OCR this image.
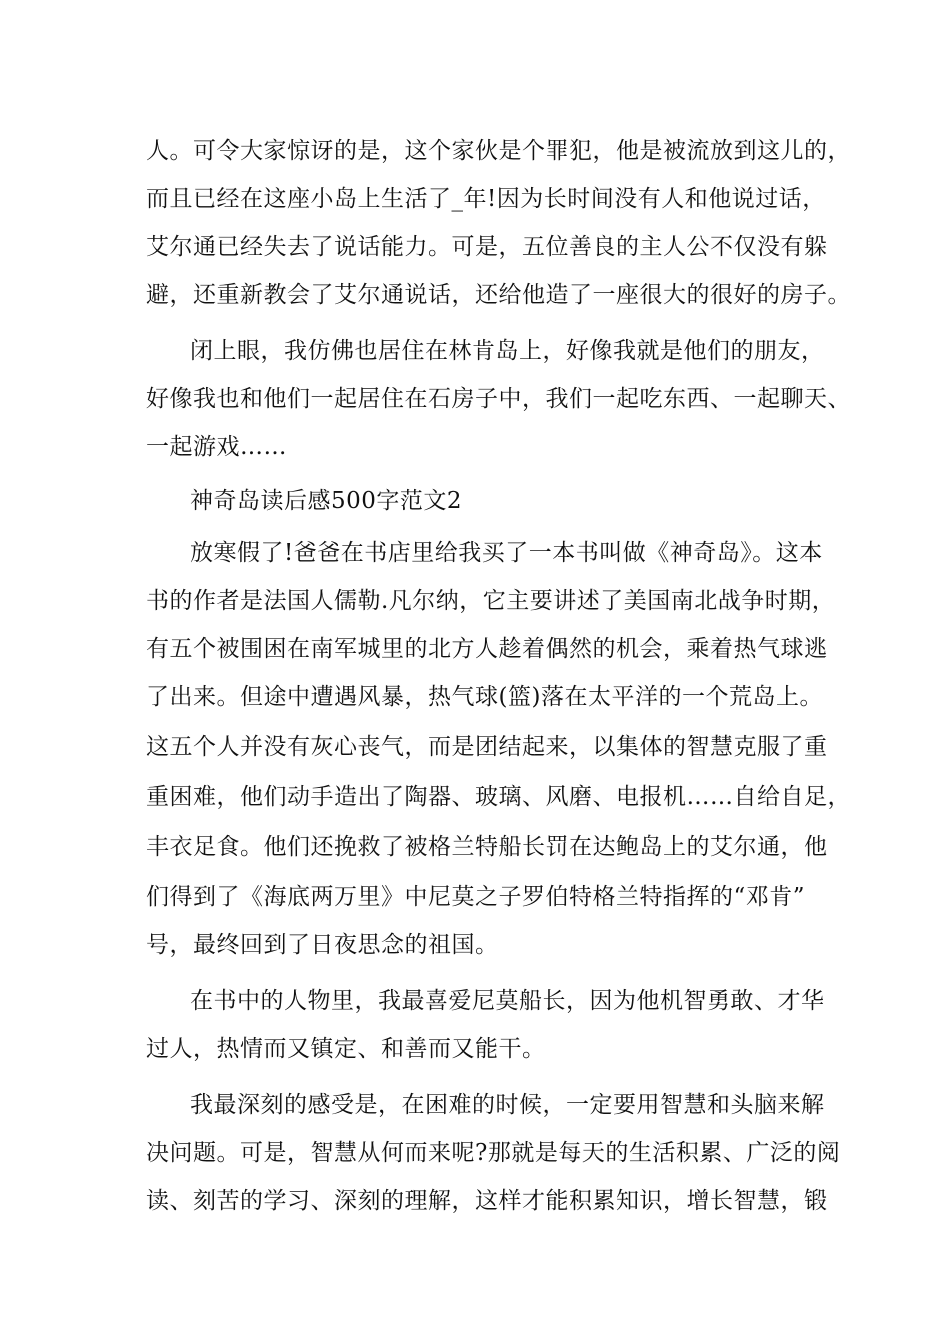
人。可令大家惊讶的是，这个家伙是个罪犯，他是被流放到这儿的，
而且已经在这座小岛上生活了_年!因为长时间没有人和他说过话，
艾尔通已经失去了说话能力。可是，五位善良的主人公不仅没有躲
避，还重新教会了艾尔通说话，还给他造了一座很大的很好的房子。
闭上眼，我仿佛也居住在林肯岛上，好像我就是他们的朋友，
好像我也和他们一起居住在石房子中，我们一起吃东西、一起聊天、
一起游戏……
神奇岛读后感500字范文2
放寒假了!爸爸在书店里给我买了一本书叫做《神奇岛》。这本
书的作者是法国人儒勒.凡尔纳，它主要讲述了美国南北战争时期，
有五个被围困在南军城里的北方人趁着偶然的机会，乘着热气球逃
了出来。但途中遭遇风暴，热气球(篮)落在太平洋的一个荒岛上。
这五个人并没有灰心丧气，而是团结起来，以集体的智慧克服了重
重困难，他们动手造出了陶器、玻璃、风磨、电报机……自给自足，
丰衣足食。他们还挽救了被格兰特船长罚在达鲍岛上的艾尔通，他
们得到了《海底两万里》中尼莫之子罗伯特格兰特指挥的“邓肯”
号，最终回到了日夜思念的祖国。
在书中的人物里，我最喜爱尼莫船长，因为他机智勇敢、才华
过人，热情而又镇定、和善而又能干。
我最深刻的感受是，在困难的时候，一定要用智慧和头脑来解
决问题。可是，智慧从何而来呢?那就是每天的生活积累、广泛的阅
读、刻苦的学习、深刻的理解，这样才能积累知识，增长智慧，锻
